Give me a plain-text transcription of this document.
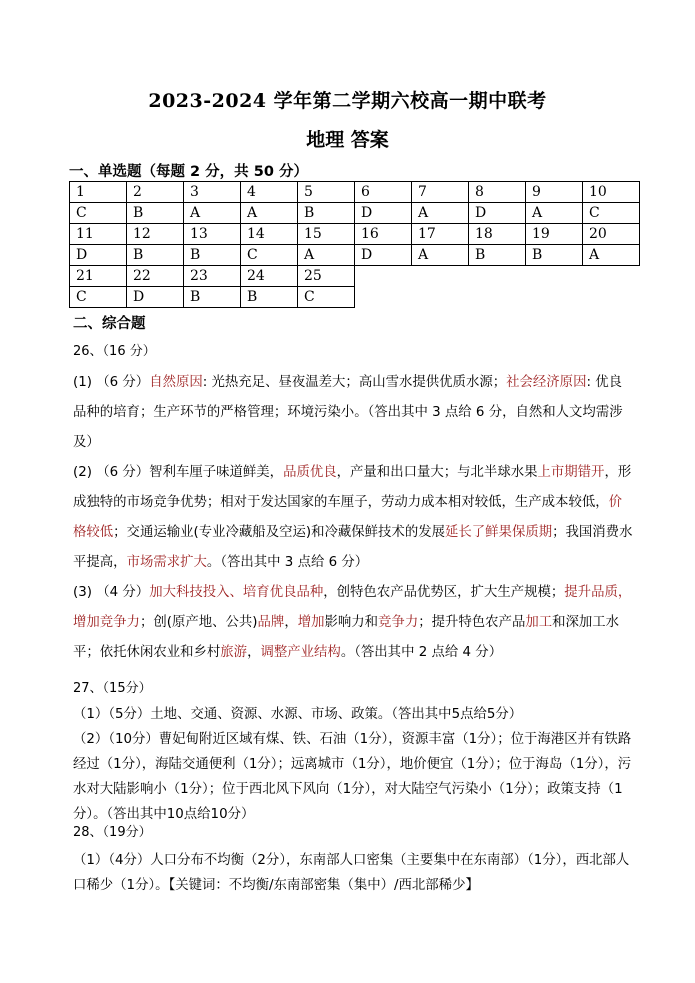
2023-2024 学年第二学期六校高一期中联考
地理 答案
一、单选题（每题 2 分，共 50 分）
1	2	3	4	5	6	7	8	9	10
C	B	A	A	B	D	A	D	A	C
11	12	13	14	15	16	17	18	19	20
D	B	B	C	A	D	A	B	B	A
21	22	23	24	25					
C	D	B	B	C					
二、综合题
26、（16 分）
(1) （6 分）自然原因: 光热充足、昼夜温差大；高山雪水提供优质水源；社会经济原因: 优良品种的培育；生产环节的严格管理；环境污染小。（答出其中 3 点给 6 分，自然和人文均需涉及）
(2) （6 分）智利车厘子味道鲜美，品质优良，产量和出口量大；与北半球水果上市期错开，形成独特的市场竞争优势；相对于发达国家的车厘子，劳动力成本相对较低，生产成本较低，价格较低；交通运输业(专业冷藏船及空运)和冷藏保鲜技术的发展延长了鲜果保质期；我国消费水平提高，市场需求扩大。（答出其中 3 点给 6 分）
(3) （4 分）加大科技投入、培育优良品种，创特色农产品优势区，扩大生产规模；提升品质，增加竞争力；创(原产地、公共)品牌，增加影响力和竞争力；提升特色农产品加工和深加工水平；依托休闲农业和乡村旅游，调整产业结构。（答出其中 2 点给 4 分）
27、（15分）
（1）（5分）土地、交通、资源、水源、市场、政策。（答出其中5点给5分）
（2）（10分）曹妃甸附近区域有煤、铁、石油（1分），资源丰富（1分）；位于海港区并有铁路经过（1分），海陆交通便利（1分）；远离城市（1分），地价便宜（1分）；位于海岛（1分），污水对大陆影响小（1分）；位于西北风下风向（1分），对大陆空气污染小（1分）；政策支持（1分）。（答出其中10点给10分）
28、（19分）
（1）（4分）人口分布不均衡（2分），东南部人口密集（主要集中在东南部）（1分），西北部人口稀少（1分）。【关键词：不均衡/东南部密集（集中）/西北部稀少】
